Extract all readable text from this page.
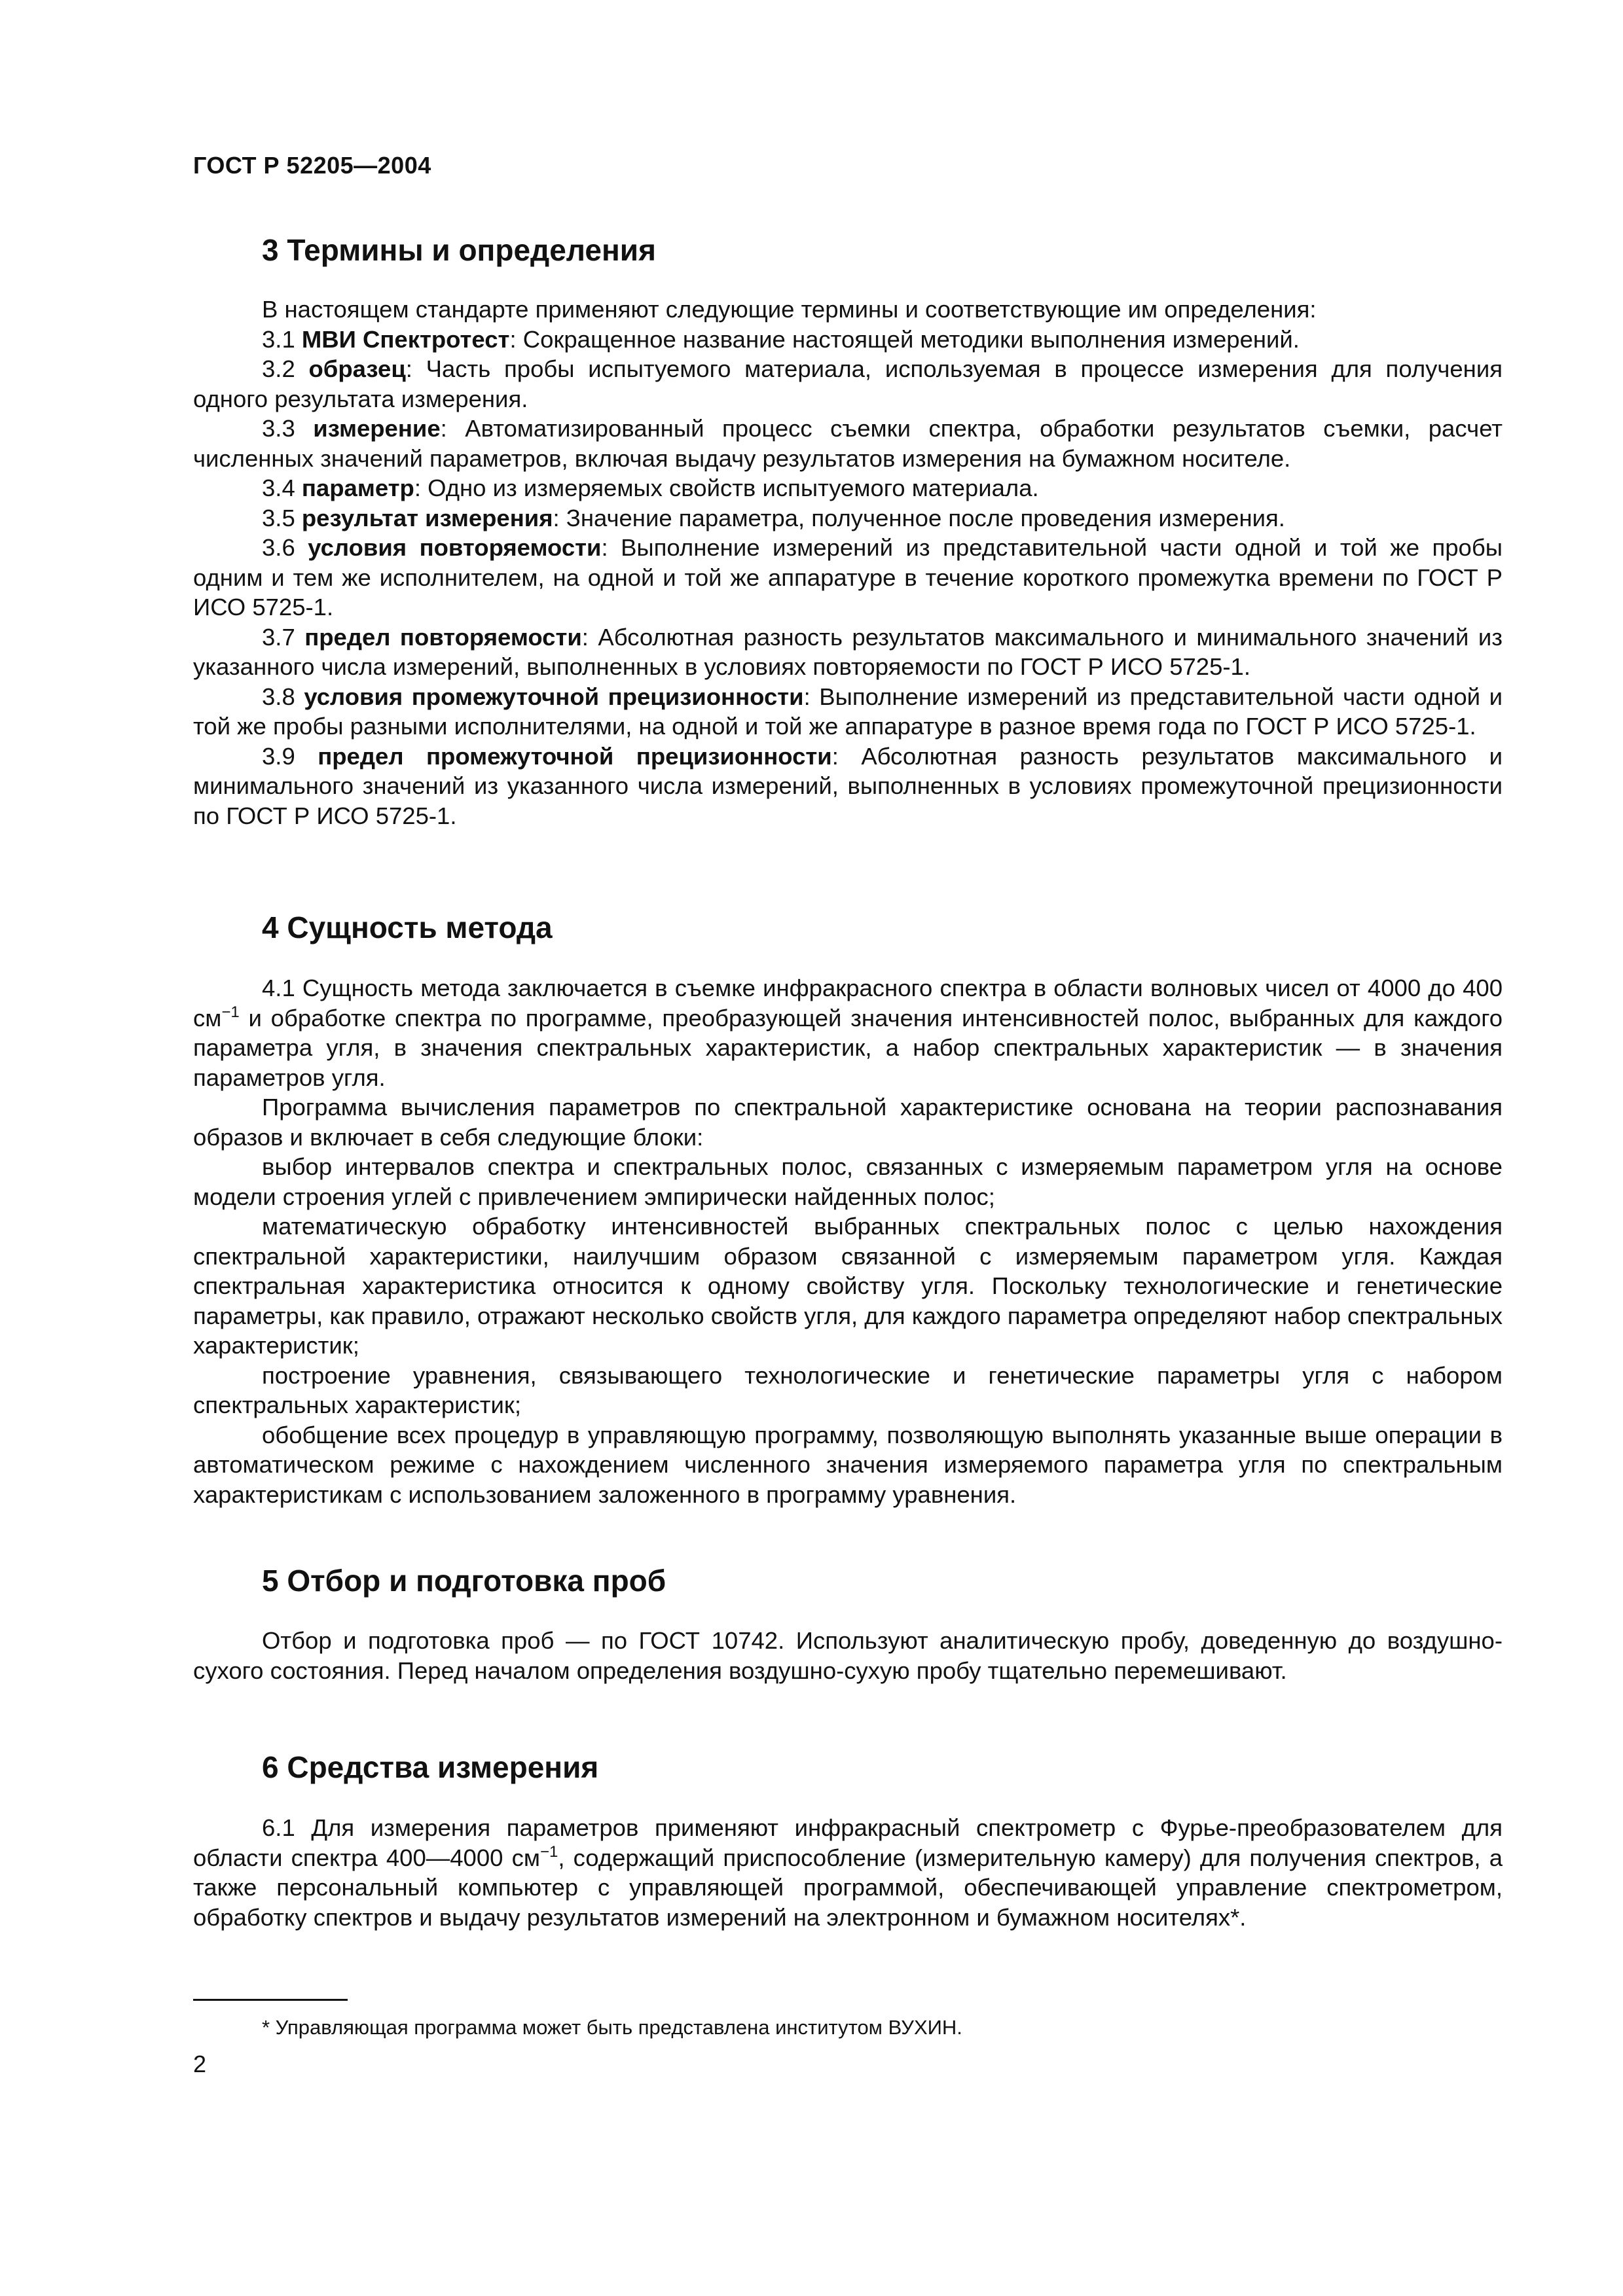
ГОСТ Р 52205—2004
3 Термины и определения

В настоящем стандарте применяют следующие термины и соответствующие им определения:

3.1 МВИ Спектротест: Сокращенное название настоящей методики выполнения измерений.

3.2 образец: Часть пробы испытуемого материала, используемая в процессе измерения для получения одного результата измерения.

3.3 измерение: Автоматизированный процесс съемки спектра, обработки результатов съемки, расчет численных значений параметров, включая выдачу результатов измерения на бумажном носителе.

3.4 параметр: Одно из измеряемых свойств испытуемого материала.

3.5 результат измерения: Значение параметра, полученное после проведения измерения.

3.6 условия повторяемости: Выполнение измерений из представительной части одной и той же пробы одним и тем же исполнителем, на одной и той же аппаратуре в течение короткого промежутка времени по ГОСТ Р ИСО 5725-1.

3.7 предел повторяемости: Абсолютная разность результатов максимального и минимального значений из указанного числа измерений, выполненных в условиях повторяемости по ГОСТ Р ИСО 5725-1.

3.8 условия промежуточной прецизионности: Выполнение измерений из представительной части одной и той же пробы разными исполнителями, на одной и той же аппаратуре в разное время года по ГОСТ Р ИСО 5725-1.

3.9 предел промежуточной прецизионности: Абсолютная разность результатов максимального и минимального значений из указанного числа измерений, выполненных в условиях промежуточной прецизионности по ГОСТ Р ИСО 5725-1.

4 Сущность метода

4.1 Сущность метода заключается в съемке инфракрасного спектра в области волновых чисел от 4000 до 400 $см^{-1}$ и обработке спектра по программе, преобразующей значения интенсивностей полос, выбранных для каждого параметра угля, в значения спектральных характеристик, а набор спектральных характеристик — в значения параметров угля.

Программа вычисления параметров по спектральной характеристике основана на теории распознавания образов и включает в себя следующие блоки:

выбор интервалов спектра и спектральных полос, связанных с измеряемым параметром угля на основе модели строения углей с привлечением эмпирически найденных полос;

математическую обработку интенсивностей выбранных спектральных полос с целью нахождения спектральной характеристики, наилучшим образом связанной с измеряемым параметром угля. Каждая спектральная характеристика относится к одному свойству угля. Поскольку технологические и генетические параметры, как правило, отражают несколько свойств угля, для каждого параметра определяют набор спектральных характеристик;

построение уравнения, связывающего технологические и генетические параметры угля с набором спектральных характеристик;

обобщение всех процедур в управляющую программу, позволяющую выполнять указанные выше операции в автоматическом режиме с нахождением численного значения измеряемого параметра угля по спектральным характеристикам с использованием заложенного в программу уравнения.

5 Отбор и подготовка проб

Отбор и подготовка проб — по ГОСТ 10742. Используют аналитическую пробу, доведенную до воздушно-сухого состояния. Перед началом определения воздушно-сухую пробу тщательно перемешивают.

6 Средства измерения

6.1 Для измерения параметров применяют инфракрасный спектрометр с Фурье-преобразователем для области спектра 400—4000 $см^{-1}$, содержащий приспособление (измерительную камеру) для получения спектров, а также персональный компьютер с управляющей программой, обеспечивающей управление спектрометром, обработку спектров и выдачу результатов измерений на электронном и бумажном носителях*.

* Управляющая программа может быть представлена институтом ВУХИН.
2
